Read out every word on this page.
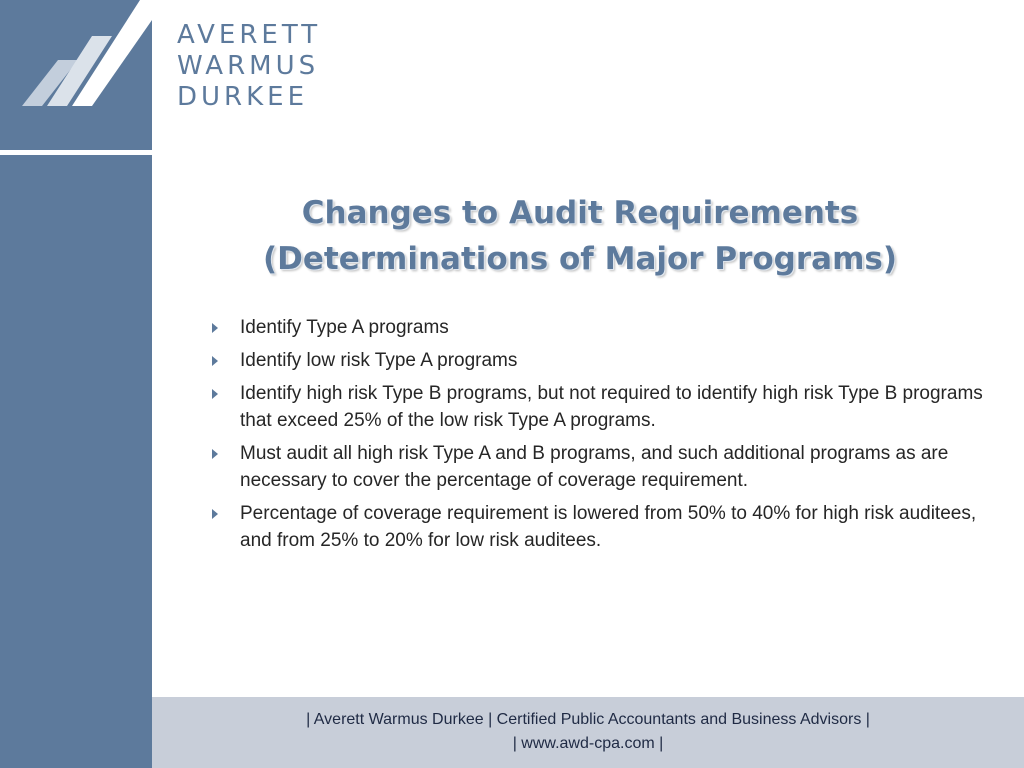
AVERETT
WARMUS
DURKEE
Changes to Audit Requirements
(Determinations of Major Programs)
Identify Type A programs
Identify low risk Type A programs
Identify high risk Type B programs, but not required to identify high risk Type B programs that exceed 25% of the low risk Type A programs.
Must audit all high risk Type A and B programs, and such additional programs as are necessary to cover the percentage of coverage requirement.
Percentage of coverage requirement is lowered from 50% to 40% for high risk auditees, and from 25% to 20% for low risk auditees.
| Averett Warmus Durkee | Certified Public Accountants and Business Advisors |
| www.awd-cpa.com |
